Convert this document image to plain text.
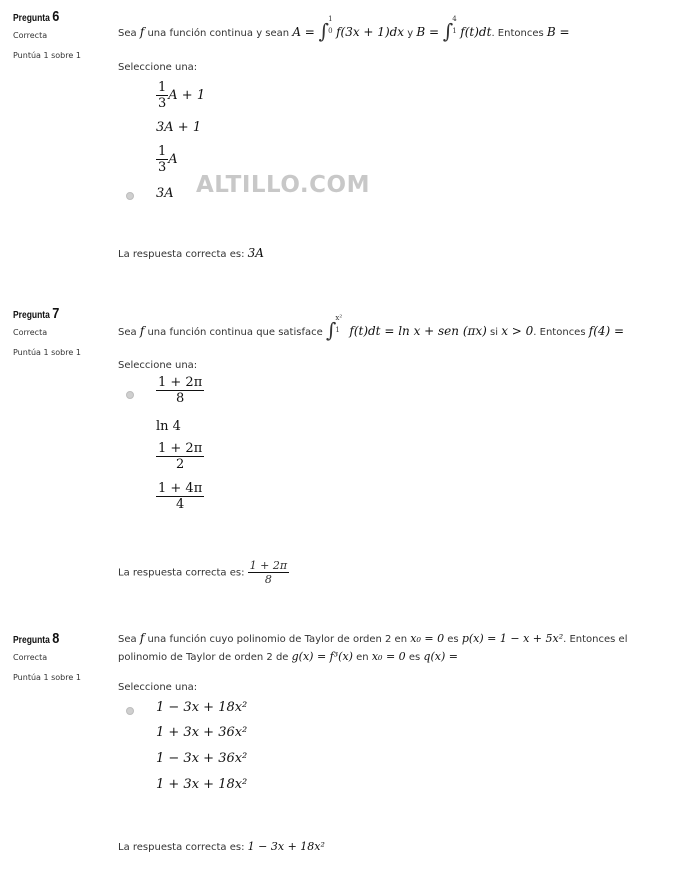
Pregunta 6
Correcta
Puntúa 1 sobre 1
Sea f una función continua y sean A = ∫ 1
0 f(3x + 1)dx y B = ∫ 4
1 f(t)dt. Entonces B =
Seleccione una:
$\frac{1}{3}$ A + 1
3A + 1
$\frac{1}{3}$ A
3A
La respuesta correcta es: 3A
ALTILLO.COM
Pregunta 7
Correcta
Puntúa 1 sobre 1
Sea f una función continua que satisface ∫ x²
1 f(t)dt = ln x + sen (πx) si x > 0. Entonces f(4) =
Seleccione una:
$\frac{1 + 2\pi}{8}$
ln 4
$\frac{1 + 2\pi}{2}$
$\frac{1 + 4\pi}{4}$
La respuesta correcta es: $\frac{1 + 2\pi}{8}$
Pregunta 8
Correcta
Puntúa 1 sobre 1
Sea f una función cuyo polinomio de Taylor de orden 2 en x₀ = 0 es p(x) = 1 − x + 5x². Entonces el
polinomio de Taylor de orden 2 de g(x) = f³(x) en x₀ = 0 es q(x) =
Seleccione una:
1 − 3x + 18x²
1 + 3x + 36x²
1 − 3x + 36x²
1 + 3x + 18x²
La respuesta correcta es: 1 − 3x + 18x²
